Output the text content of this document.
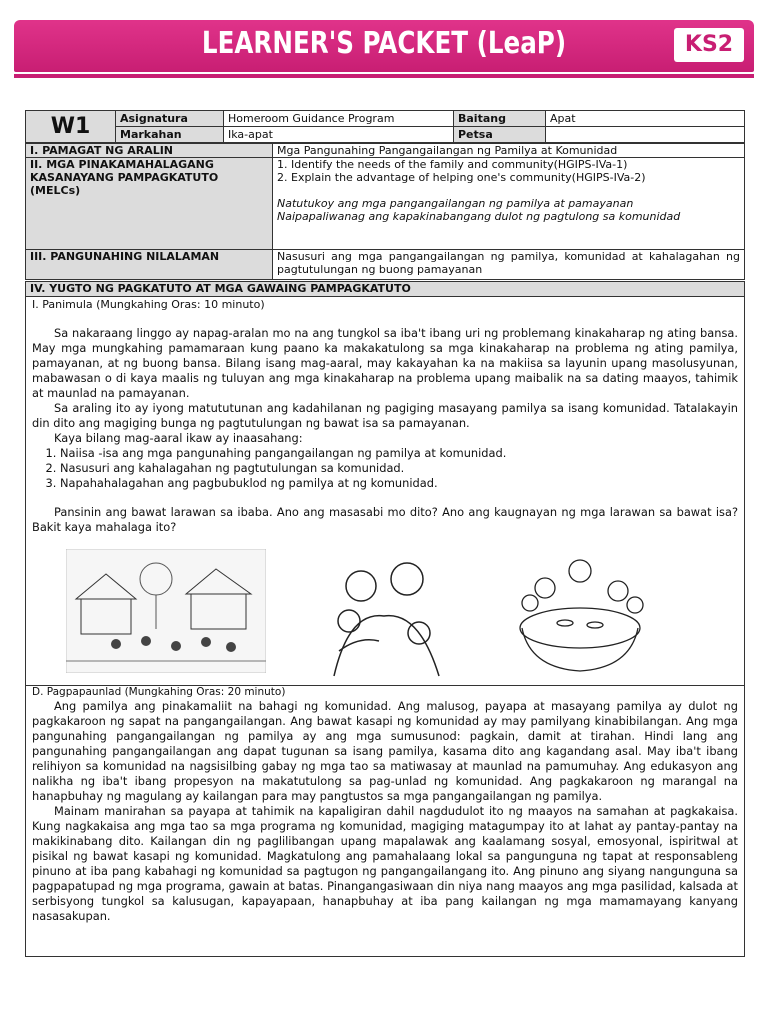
LEARNER'S PACKET (LeaP)	KS2
W1	Asignatura	Homeroom Guidance Program	Baitang	Apat
	Markahan	Ika-apat	Petsa	
I. PAMAGAT NG ARALIN	Mga Pangunahing Pangangailangan ng Pamilya at Komunidad
II. MGA PINAKAMAHALAGANG KASANAYANG PAMPAGKATUTO (MELCs)	1. Identify the needs of the family and community(HGIPS-IVa-1)
2. Explain the advantage of helping one's community(HGIPS-IVa-2)
Natutukoy ang mga pangangailangan ng pamilya at pamayanan
Naipapaliwanag ang kapakinabangang dulot ng pagtulong sa komunidad

III. PANGUNAHING NILALAMAN	Nasusuri ang mga pangangailangan ng pamilya, komunidad at kahalagahan ng pagtutulungan ng buong pamayanan
IV. YUGTO NG PAGKATUTO AT MGA GAWAING PAMPAGKATUTO
I. Panimula (Mungkahing Oras: 10 minuto)
Sa nakaraang linggo ay napag-aralan mo na ang tungkol sa iba't ibang uri ng problemang kinakaharap ng ating bansa. May mga mungkahing pamamaraan kung paano ka makakatulong sa mga kinakaharap na problema ng ating pamilya, pamayanan, at ng buong bansa. Bilang isang mag-aaral, may kakayahan ka na makiisa sa layunin upang masolusyunan, mabawasan o di kaya maalis ng tuluyan ang mga kinakaharap na problema upang maibalik na sa dating maayos, tahimik at maunlad na pamayanan.
Sa araling ito ay iyong matututunan ang kadahilanan ng pagiging masayang pamilya sa isang komunidad. Tatalakayin din dito ang magiging bunga ng pagtutulungan ng bawat isa sa pamayanan.
Kaya bilang mag-aaral ikaw ay inaasahang:
1. Naiisa -isa ang mga pangunahing pangangailangan ng pamilya at komunidad.
2. Nasusuri ang kahalagahan ng pagtutulungan sa komunidad.
3. Napahahalagahan ang pagbubuklod ng pamilya at ng komunidad.
Pansinin ang bawat larawan sa ibaba. Ano ang masasabi mo dito? Ano ang kaugnayan ng mga larawan sa bawat isa? Bakit kaya mahalaga ito?
D. Pagpapaunlad (Mungkahing Oras: 20 minuto)
Ang pamilya ang pinakamaliit na bahagi ng komunidad. Ang malusog, payapa at masayang pamilya ay dulot ng pagkakaroon ng sapat na pangangailangan. Ang bawat kasapi ng komunidad ay may pamilyang kinabibilangan. Ang mga pangunahing pangangailangan ng pamilya ay ang mga sumusunod: pagkain, damit at tirahan. Hindi lang ang pangunahing pangangailangan ang dapat tugunan sa isang pamilya, kasama dito ang kagandang asal. May iba't ibang relihiyon sa komunidad na nagsisilbing gabay ng mga tao sa matiwasay at maunlad na pamumuhay. Ang edukasyon ang nalikha ng iba't ibang propesyon na makatutulong sa pag-unlad ng komunidad. Ang pagkakaroon ng marangal na hanapbuhay ng magulang ay kailangan para may pangtustos sa mga pangangailangan ng pamilya.
Mainam manirahan sa payapa at tahimik na kapaligiran dahil nagdudulot ito ng maayos na samahan at pagkakaisa. Kung nagkakaisa ang mga tao sa mga programa ng komunidad, magiging matagumpay ito at lahat ay pantay-pantay na makikinabang dito. Kailangan din ng paglilibangan upang mapalawak ang kaalamang sosyal, emosyonal, ispiritwal at pisikal ng bawat kasapi ng komunidad. Magkatulong ang pamahalaang lokal sa pangunguna ng tapat at responsableng pinuno at iba pang kabahagi ng komunidad sa pagtugon ng pangangailangang ito. Ang pinuno ang siyang nangunguna sa pagpapatupad ng mga programa, gawain at batas. Pinangangasiwaan din niya nang maayos ang mga pasilidad, kalsada at serbisyong tungkol sa kalusugan, kapayapaan, hanapbuhay at iba pang kailangan ng mga mamamayang kanyang nasasakupan.
